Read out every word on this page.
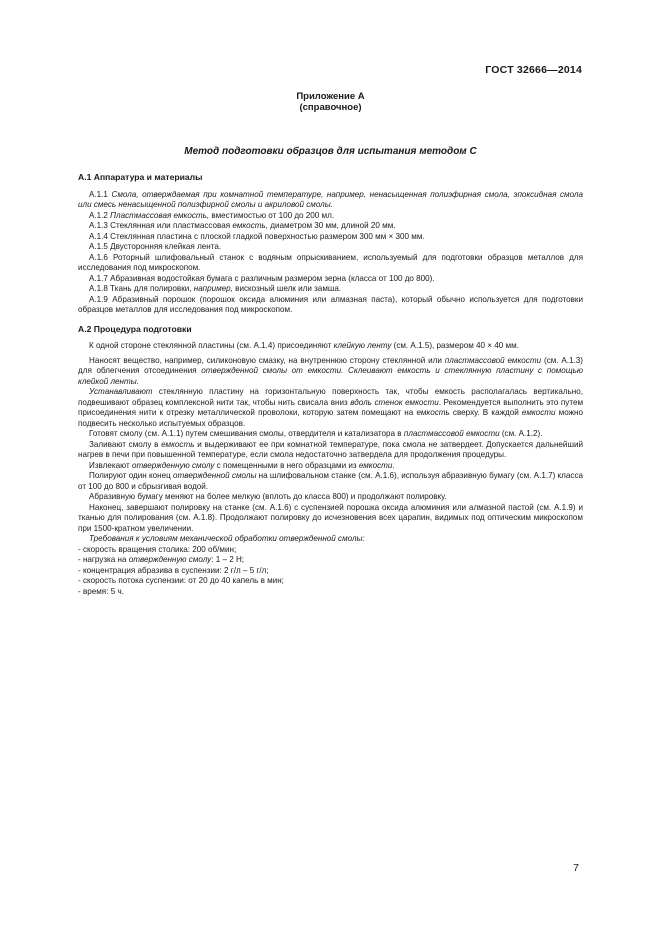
ГОСТ 32666—2014
Приложение А
(справочное)
Метод подготовки образцов для испытания методом С
А.1 Аппаратура и материалы

А.1.1 Смола, отверждаемая при комнатной температуре, например, ненасыщенная полиэфирная смола, эпоксидная смола или смесь ненасыщенной полиэфирной смолы и акриловой смолы.

А.1.2 Пластмассовая емкость, вместимостью от 100 до 200 мл.

А.1.3 Стеклянная или пластмассовая емкость, диаметром 30 мм, длиной 20 мм.

А.1.4 Стеклянная пластина с плоской гладкой поверхностью размером 300 мм × 300 мм.

А.1.5 Двусторонняя клейкая лента.

А.1.6 Роторный шлифовальный станок с водяным опрыскиванием, используемый для подготовки образцов металлов для исследования под микроскопом.

А.1.7 Абразивная водостойкая бумага с различным размером зерна (класса от 100 до 800).

А.1.8 Ткань для полировки, например, вискозный шелк или замша.

А.1.9 Абразивный порошок (порошок оксида алюминия или алмазная паста), который обычно используется для подготовки образцов металлов для исследования под микроскопом.

А.2 Процедура подготовки

К одной стороне стеклянной пластины (см. А.1.4) присоединяют клейкую ленту (см. А.1.5), размером 40 × 40 мм.

Наносят вещество, например, силиконовую смазку, на внутреннюю сторону стеклянной или пластмассовой емкости (см. А.1.3) для облегчения отсоединения отвержденной смолы от емкости. Склеивают емкость и стеклянную пластину с помощью клейкой ленты.

Устанавливают стеклянную пластину на горизонтальную поверхность так, чтобы емкость располагалась вертикально, подвешивают образец комплексной нити так, чтобы нить свисала вниз вдоль стенок емкости. Рекомендуется выполнить это путем присоединения нити к отрезку металлической проволоки, которую затем помещают на емкость сверху. В каждой емкости можно подвесить несколько испытуемых образцов.

Готовят смолу (см. А.1.1) путем смешивания смолы, отвердителя и катализатора в пластмассовой емкости (см. А.1.2).

Заливают смолу в емкость и выдерживают ее при комнатной температуре, пока смола не затвердеет. Допускается дальнейший нагрев в печи при повышенной температуре, если смола недостаточно затвердела для продолжения процедуры.

Извлекают отвержденную смолу с помещенными в него образцами из емкости.

Полируют один конец отвержденной смолы на шлифовальном станке (см. А.1.6), используя абразивную бумагу (см. А.1.7) класса от 100 до 800 и сбрызгивая водой.

Абразивную бумагу меняют на более мелкую (вплоть до класса 800) и продолжают полировку.

Наконец, завершают полировку на станке (см. А.1.6) с суспензией порошка оксида алюминия или алмазной пастой (см. А.1.9) и тканью для полирования (см. А.1.8). Продолжают полировку до исчезновения всех царапин, видимых под оптическим микроскопом при 1500-кратном увеличении.

Требования к условиям механической обработки отвержденной смолы:

- скорость вращения столика: 200 об/мин;

- нагрузка на отвержденную смолу: 1 – 2 Н;

- концентрация абразива в суспензии: 2 г/л – 5 г/л;

- скорость потока суспензии: от 20 до 40 капель в мин;

- время: 5 ч.

7
